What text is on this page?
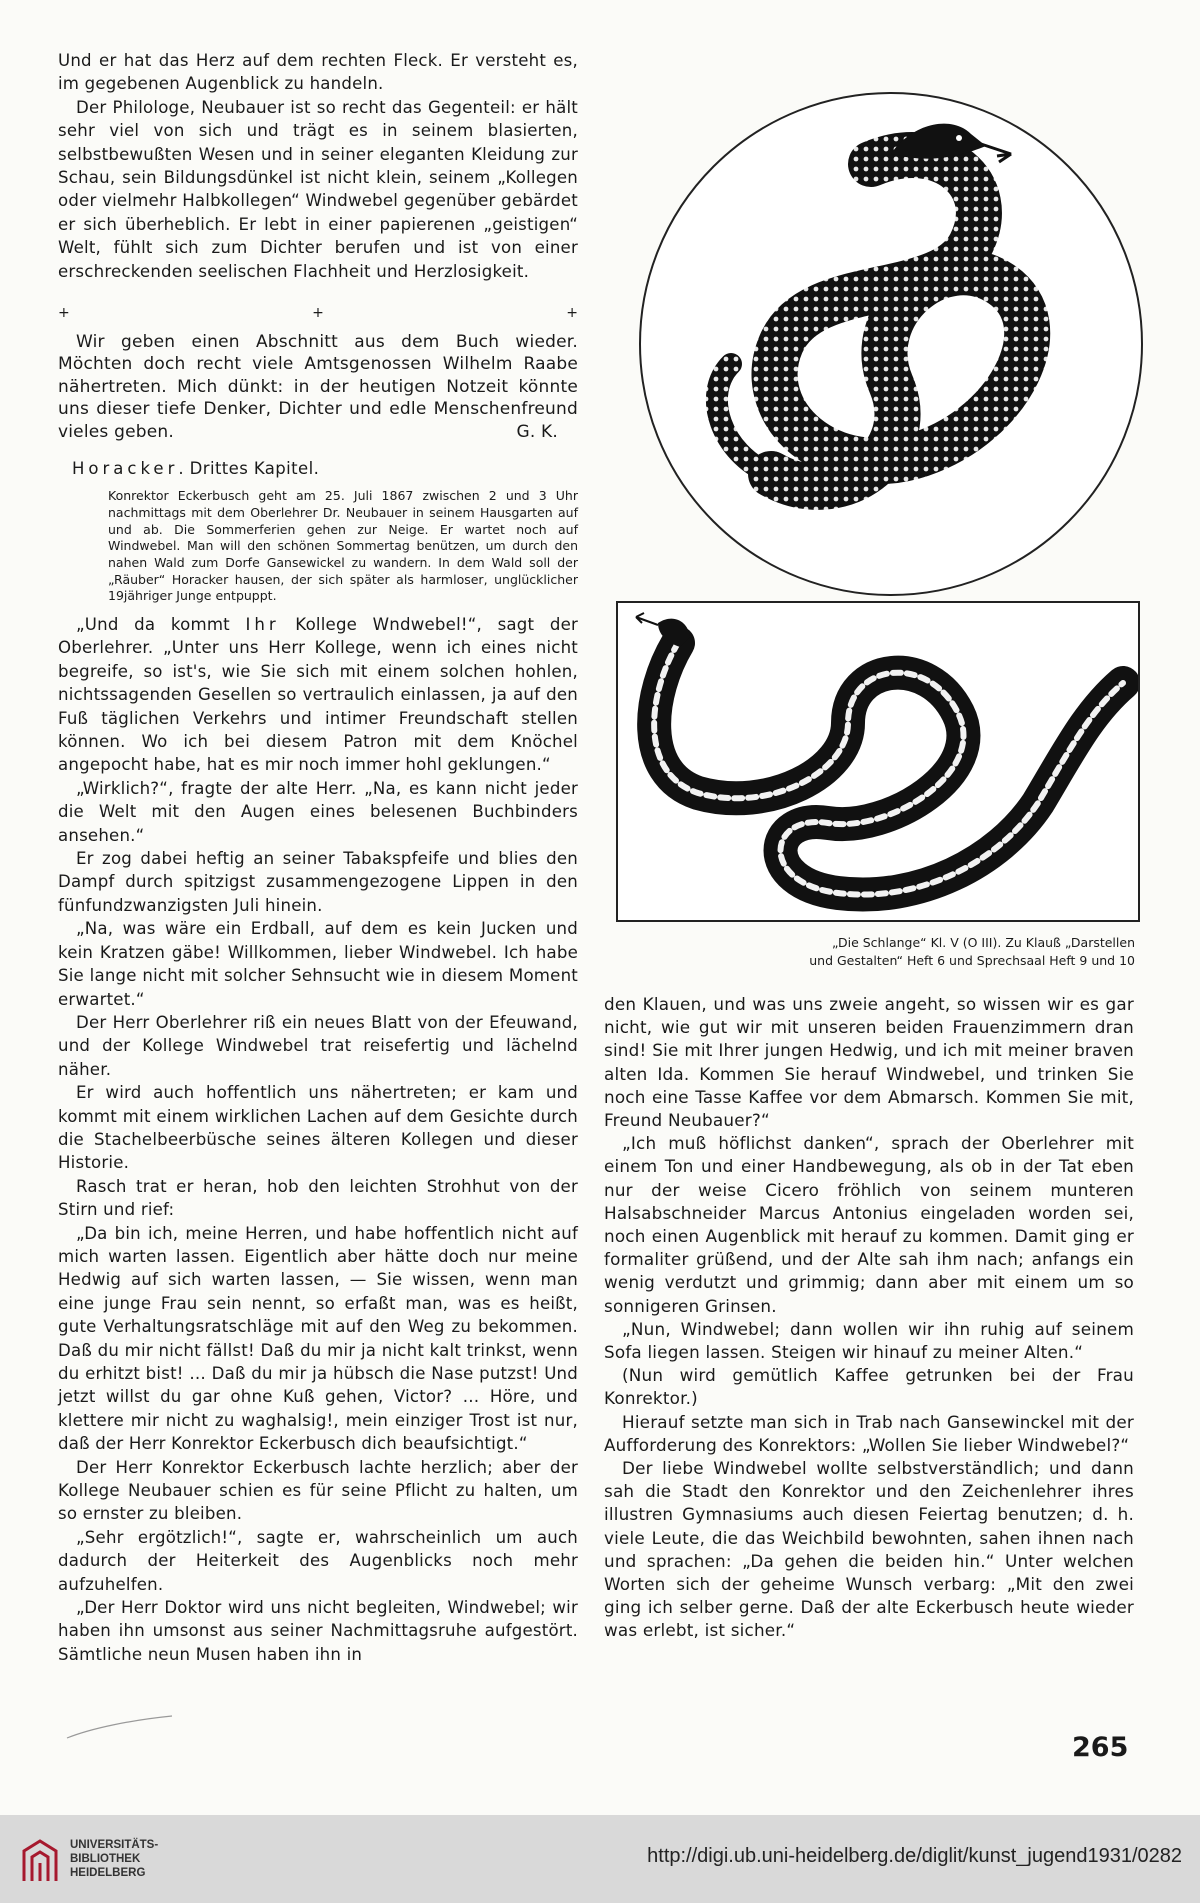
Und er hat das Herz auf dem rechten Fleck. Er versteht es, im gegebenen Augenblick zu handeln.

Der Philologe, Neubauer ist so recht das Gegenteil: er hält sehr viel von sich und trägt es in seinem blasierten, selbstbewußten Wesen und in seiner eleganten Kleidung zur Schau, sein Bildungsdünkel ist nicht klein, seinem „Kollegen oder vielmehr Halbkollegen“ Windwebel gegenüber gebärdet er sich überheblich. Er lebt in einer papierenen „geistigen“ Welt, fühlt sich zum Dichter berufen und ist von einer erschreckenden seelischen Flachheit und Herzlosigkeit.

+	+	+

Wir geben einen Abschnitt aus dem Buch wieder. Möchten doch recht viele Amtsgenossen Wilhelm Raabe nähertreten. Mich dünkt: in der heutigen Notzeit könnte uns dieser tiefe Denker, Dichter und edle Menschenfreund vieles geben.	G. K.

Horacker. Drittes Kapitel.
Konrektor Eckerbusch geht am 25. Juli 1867 zwischen 2 und 3 Uhr nachmittags mit dem Oberlehrer Dr. Neubauer in seinem Hausgarten auf und ab. Die Sommerferien gehen zur Neige. Er wartet noch auf Windwebel. Man will den schönen Sommertag benützen, um durch den nahen Wald zum Dorfe Gansewickel zu wandern. In dem Wald soll der „Räuber“ Horacker hausen, der sich später als harmloser, unglücklicher 19jähriger Junge entpuppt.

„Und da kommt Ihr Kollege Wndwebel!“, sagt der Oberlehrer. „Unter uns Herr Kollege, wenn ich eines nicht begreife, so ist's, wie Sie sich mit einem solchen hohlen, nichtssagenden Gesellen so vertraulich einlassen, ja auf den Fuß täglichen Verkehrs und intimer Freundschaft stellen können. Wo ich bei diesem Patron mit dem Knöchel angepocht habe, hat es mir noch immer hohl geklungen.“

„Wirklich?“, fragte der alte Herr. „Na, es kann nicht jeder die Welt mit den Augen eines belesenen Buchbinders ansehen.“

Er zog dabei heftig an seiner Tabakspfeife und blies den Dampf durch spitzigst zusammengezogene Lippen in den fünfundzwanzigsten Juli hinein.

„Na, was wäre ein Erdball, auf dem es kein Jucken und kein Kratzen gäbe! Willkommen, lieber Windwebel. Ich habe Sie lange nicht mit solcher Sehnsucht wie in diesem Moment erwartet.“

Der Herr Oberlehrer riß ein neues Blatt von der Efeuwand, und der Kollege Windwebel trat reisefertig und lächelnd näher.

Er wird auch hoffentlich uns nähertreten; er kam und kommt mit einem wirklichen Lachen auf dem Gesichte durch die Stachelbeerbüsche seines älteren Kollegen und dieser Historie.

Rasch trat er heran, hob den leichten Strohhut von der Stirn und rief:

„Da bin ich, meine Herren, und habe hoffentlich nicht auf mich warten lassen. Eigentlich aber hätte doch nur meine Hedwig auf sich warten lassen, — Sie wissen, wenn man eine junge Frau sein nennt, so erfaßt man, was es heißt, gute Verhaltungsratschläge mit auf den Weg zu bekommen. Daß du mir nicht fällst! Daß du mir ja nicht kalt trinkst, wenn du erhitzt bist! … Daß du mir ja hübsch die Nase putzst! Und jetzt willst du gar ohne Kuß gehen, Victor? … Höre, und klettere mir nicht zu waghalsig!, mein einziger Trost ist nur, daß der Herr Konrektor Eckerbusch dich beaufsichtigt.“

Der Herr Konrektor Eckerbusch lachte herzlich; aber der Kollege Neubauer schien es für seine Pflicht zu halten, um so ernster zu bleiben.

„Sehr ergötzlich!“, sagte er, wahrscheinlich um auch dadurch der Heiterkeit des Augenblicks noch mehr aufzuhelfen.

„Der Herr Doktor wird uns nicht begleiten, Windwebel; wir haben ihn umsonst aus seiner Nachmittagsruhe aufgestört. Sämtliche neun Musen haben ihn in

„Die Schlange“ Kl. V (O III). Zu Klauß „Darstellen
und Gestalten“ Heft 6 und Sprechsaal Heft 9 und 10

den Klauen, und was uns zweie angeht, so wissen wir es gar nicht, wie gut wir mit unseren beiden Frauenzimmern dran sind! Sie mit Ihrer jungen Hedwig, und ich mit meiner braven alten Ida. Kommen Sie herauf Windwebel, und trinken Sie noch eine Tasse Kaffee vor dem Abmarsch. Kommen Sie mit, Freund Neubauer?“

„Ich muß höflichst danken“, sprach der Oberlehrer mit einem Ton und einer Handbewegung, als ob in der Tat eben nur der weise Cicero fröhlich von seinem munteren Halsabschneider Marcus Antonius eingeladen worden sei, noch einen Augenblick mit herauf zu kommen. Damit ging er formaliter grüßend, und der Alte sah ihm nach; anfangs ein wenig verdutzt und grimmig; dann aber mit einem um so sonnigeren Grinsen.

„Nun, Windwebel; dann wollen wir ihn ruhig auf seinem Sofa liegen lassen. Steigen wir hinauf zu meiner Alten.“

(Nun wird gemütlich Kaffee getrunken bei der Frau Konrektor.)

Hierauf setzte man sich in Trab nach Gansewinckel mit der Aufforderung des Konrektors: „Wollen Sie lieber Windwebel?“

Der liebe Windwebel wollte selbstverständlich; und dann sah die Stadt den Konrektor und den Zeichenlehrer ihres illustren Gymnasiums auch diesen Feiertag benutzen; d. h. viele Leute, die das Weichbild bewohnten, sahen ihnen nach und sprachen: „Da gehen die beiden hin.“ Unter welchen Worten sich der geheime Wunsch verbarg: „Mit den zwei ging ich selber gerne. Daß der alte Eckerbusch heute wieder was erlebt, ist sicher.“

265
UNIVERSITÄTS-
BIBLIOTHEK
HEIDELBERG
http://digi.ub.uni-heidelberg.de/diglit/kunst_jugend1931/0282
